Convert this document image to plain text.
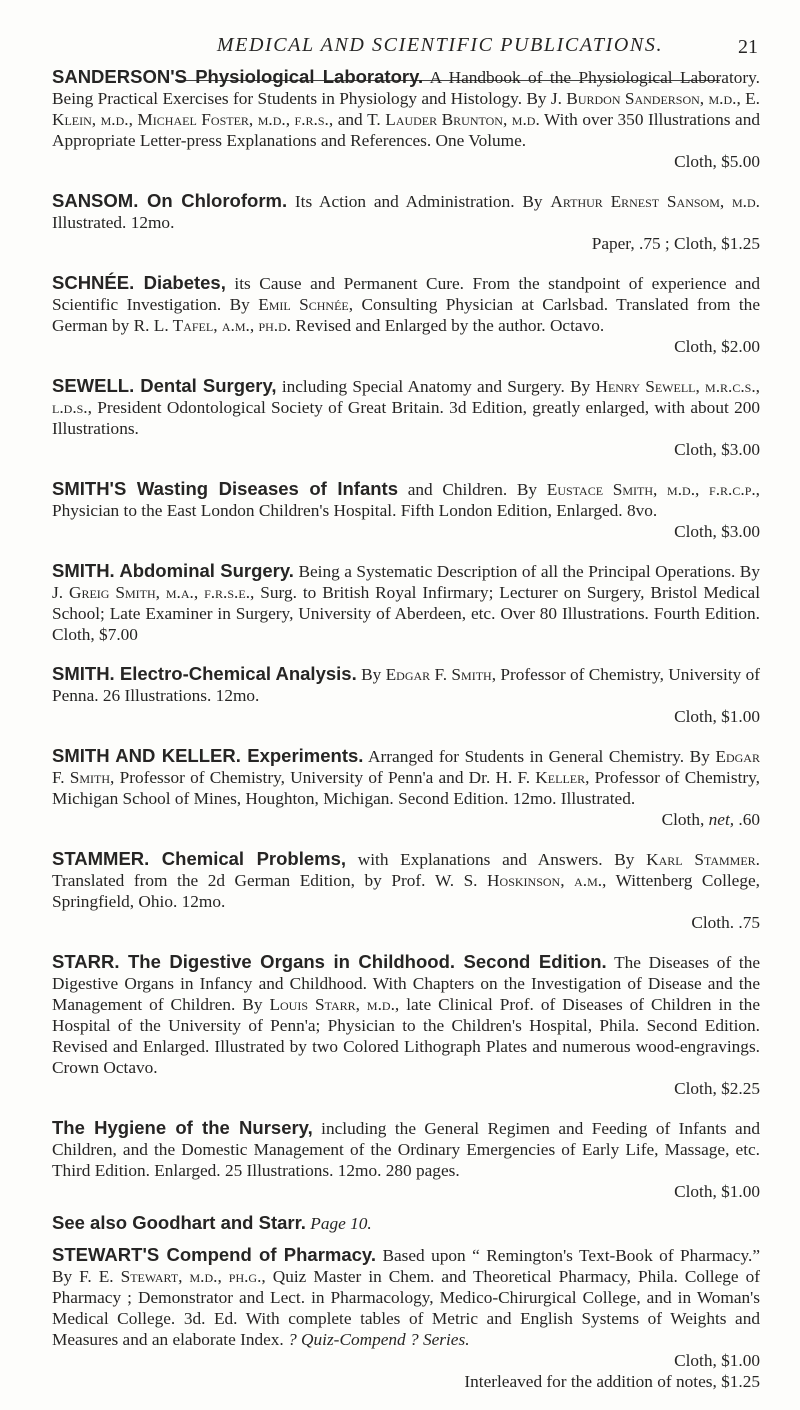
MEDICAL AND SCIENTIFIC PUBLICATIONS.	21

SANDERSON'S Physiological Laboratory. A Handbook of the Physiological Laboratory. Being Practical Exercises for Students in Physiology and Histology. By J. Burdon Sanderson, m.d., E. Klein, m.d., Michael Foster, m.d., f.r.s., and T. Lauder Brunton, m.d. With over 350 Illustrations and Appropriate Letter-press Explanations and References. One Volume.
Cloth, $5.00

SANSOM. On Chloroform. Its Action and Administration. By Arthur Ernest Sansom, m.d. Illustrated. 12mo.
Paper, .75 ; Cloth, $1.25

SCHNÉE. Diabetes, its Cause and Permanent Cure. From the standpoint of experience and Scientific Investigation. By Emil Schnée, Consulting Physician at Carlsbad. Translated from the German by R. L. Tafel, a.m., ph.d. Revised and Enlarged by the author. Octavo.
Cloth, $2.00

SEWELL. Dental Surgery, including Special Anatomy and Surgery. By Henry Sewell, m.r.c.s., l.d.s., President Odontological Society of Great Britain. 3d Edition, greatly enlarged, with about 200 Illustrations.
Cloth, $3.00

SMITH'S Wasting Diseases of Infants and Children. By Eustace Smith, m.d., f.r.c.p., Physician to the East London Children's Hospital. Fifth London Edition, Enlarged. 8vo.
Cloth, $3.00

SMITH. Abdominal Surgery. Being a Systematic Description of all the Principal Operations. By J. Greig Smith, m.a., f.r.s.e., Surg. to British Royal Infirmary; Lecturer on Surgery, Bristol Medical School; Late Examiner in Surgery, University of Aberdeen, etc. Over 80 Illustrations. Fourth Edition. Cloth, $7.00

SMITH. Electro-Chemical Analysis. By Edgar F. Smith, Professor of Chemistry, University of Penna. 26 Illustrations. 12mo.
Cloth, $1.00

SMITH AND KELLER. Experiments. Arranged for Students in General Chemistry. By Edgar F. Smith, Professor of Chemistry, University of Penn'a and Dr. H. F. Keller, Professor of Chemistry, Michigan School of Mines, Houghton, Michigan. Second Edition. 12mo. Illustrated.
Cloth, net, .60

STAMMER. Chemical Problems, with Explanations and Answers. By Karl Stammer. Translated from the 2d German Edition, by Prof. W. S. Hoskinson, a.m., Wittenberg College, Springfield, Ohio. 12mo.
Cloth. .75

STARR. The Digestive Organs in Childhood. Second Edition. The Diseases of the Digestive Organs in Infancy and Childhood. With Chapters on the Investigation of Disease and the Management of Children. By Louis Starr, m.d., late Clinical Prof. of Diseases of Children in the Hospital of the University of Penn'a; Physician to the Children's Hospital, Phila. Second Edition. Revised and Enlarged. Illustrated by two Colored Lithograph Plates and numerous wood-engravings. Crown Octavo.
Cloth, $2.25

The Hygiene of the Nursery, including the General Regimen and Feeding of Infants and Children, and the Domestic Management of the Ordinary Emergencies of Early Life, Massage, etc. Third Edition. Enlarged. 25 Illustrations. 12mo. 280 pages.
Cloth, $1.00

See also Goodhart and Starr. Page 10.

STEWART'S Compend of Pharmacy. Based upon “ Remington's Text-Book of Pharmacy.” By F. E. Stewart, m.d., ph.g., Quiz Master in Chem. and Theoretical Pharmacy, Phila. College of Pharmacy ; Demonstrator and Lect. in Pharmacology, Medico-Chirurgical College, and in Woman's Medical College. 3d. Ed. With complete tables of Metric and English Systems of Weights and Measures and an elaborate Index. ? Quiz-Compend ? Series.
Cloth, $1.00
Interleaved for the addition of notes, $1.25
